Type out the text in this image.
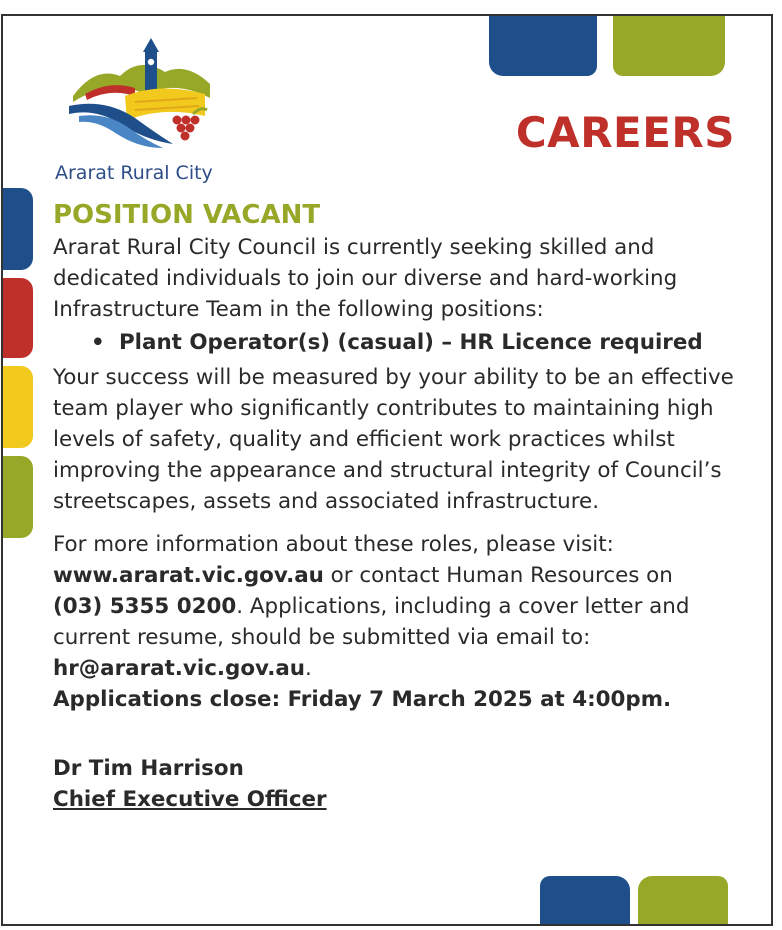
Ararat Rural City
CAREERS
POSITION VACANT

Ararat Rural City Council is currently seeking skilled and dedicated individuals to join our diverse and hard-working Infrastructure Team in the following positions:

• Plant Operator(s) (casual) – HR Licence required

Your success will be measured by your ability to be an effective team player who significantly contributes to maintaining high levels of safety, quality and efficient work practices whilst improving the appearance and structural integrity of Council’s streetscapes, assets and associated infrastructure.

For more information about these roles, please visit:
www.ararat.vic.gov.au or contact Human Resources on
(03) 5355 0200. Applications, including a cover letter and current resume, should be submitted via email to:
hr@ararat.vic.gov.au.
Applications close: Friday 7 March 2025 at 4:00pm.

Dr Tim Harrison
Chief Executive Officer
